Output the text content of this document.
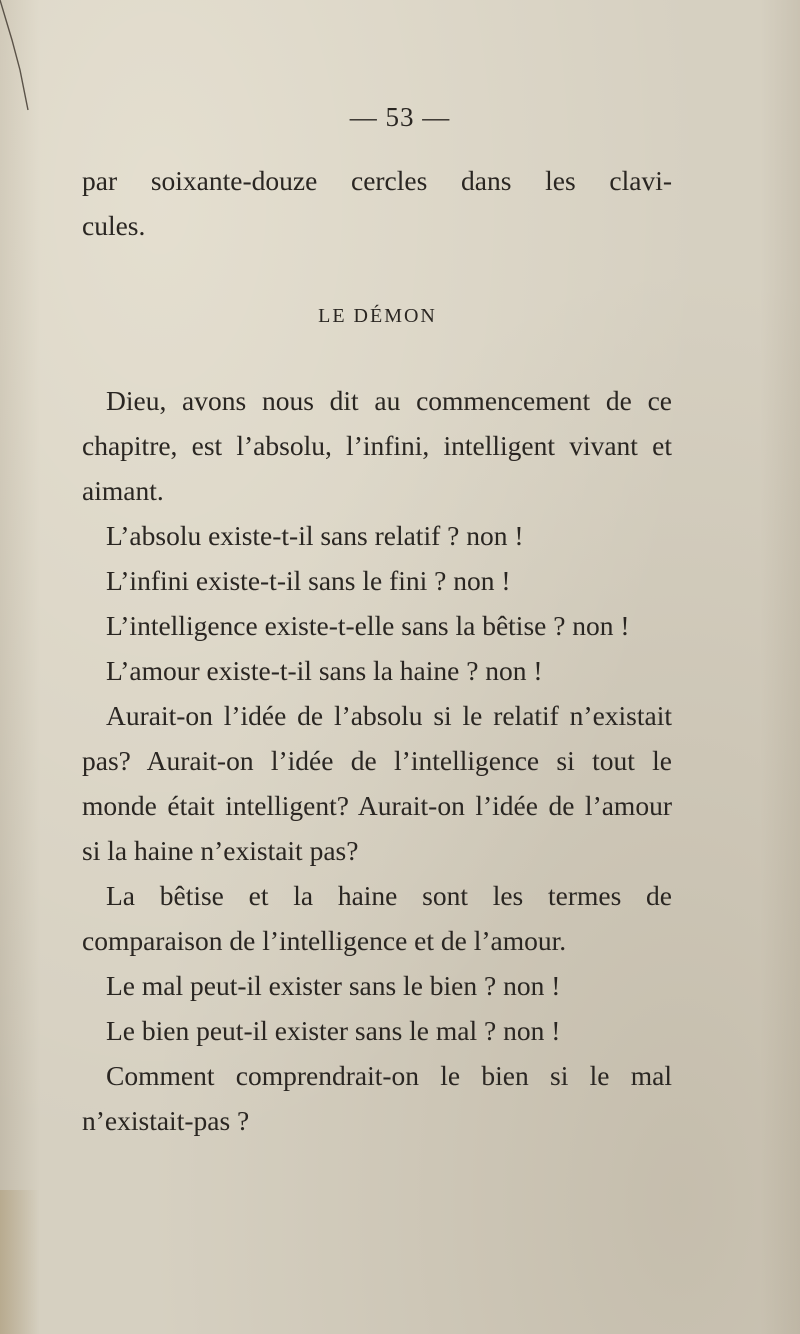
— 53 —

par soixante-douze cercles dans les clavi-

cules.

LE DÉMON

Dieu, avons nous dit au commencement de ce chapitre, est l’absolu, l’infini, intelligent vivant et aimant.

L’absolu existe-t-il sans relatif ? non !

L’infini existe-t-il sans le fini ? non !

L’intelligence existe-t-elle sans la bêtise ? non !

L’amour existe-t-il sans la haine ? non !

Aurait-on l’idée de l’absolu si le relatif n’existait pas? Aurait-on l’idée de l’intelligence si tout le monde était intelligent? Aurait-on l’idée de l’amour si la haine n’existait pas?

La bêtise et la haine sont les termes de comparaison de l’intelligence et de l’amour.

Le mal peut-il exister sans le bien ? non !

Le bien peut-il exister sans le mal ? non !

Comment comprendrait-on le bien si le mal n’existait-pas ?
